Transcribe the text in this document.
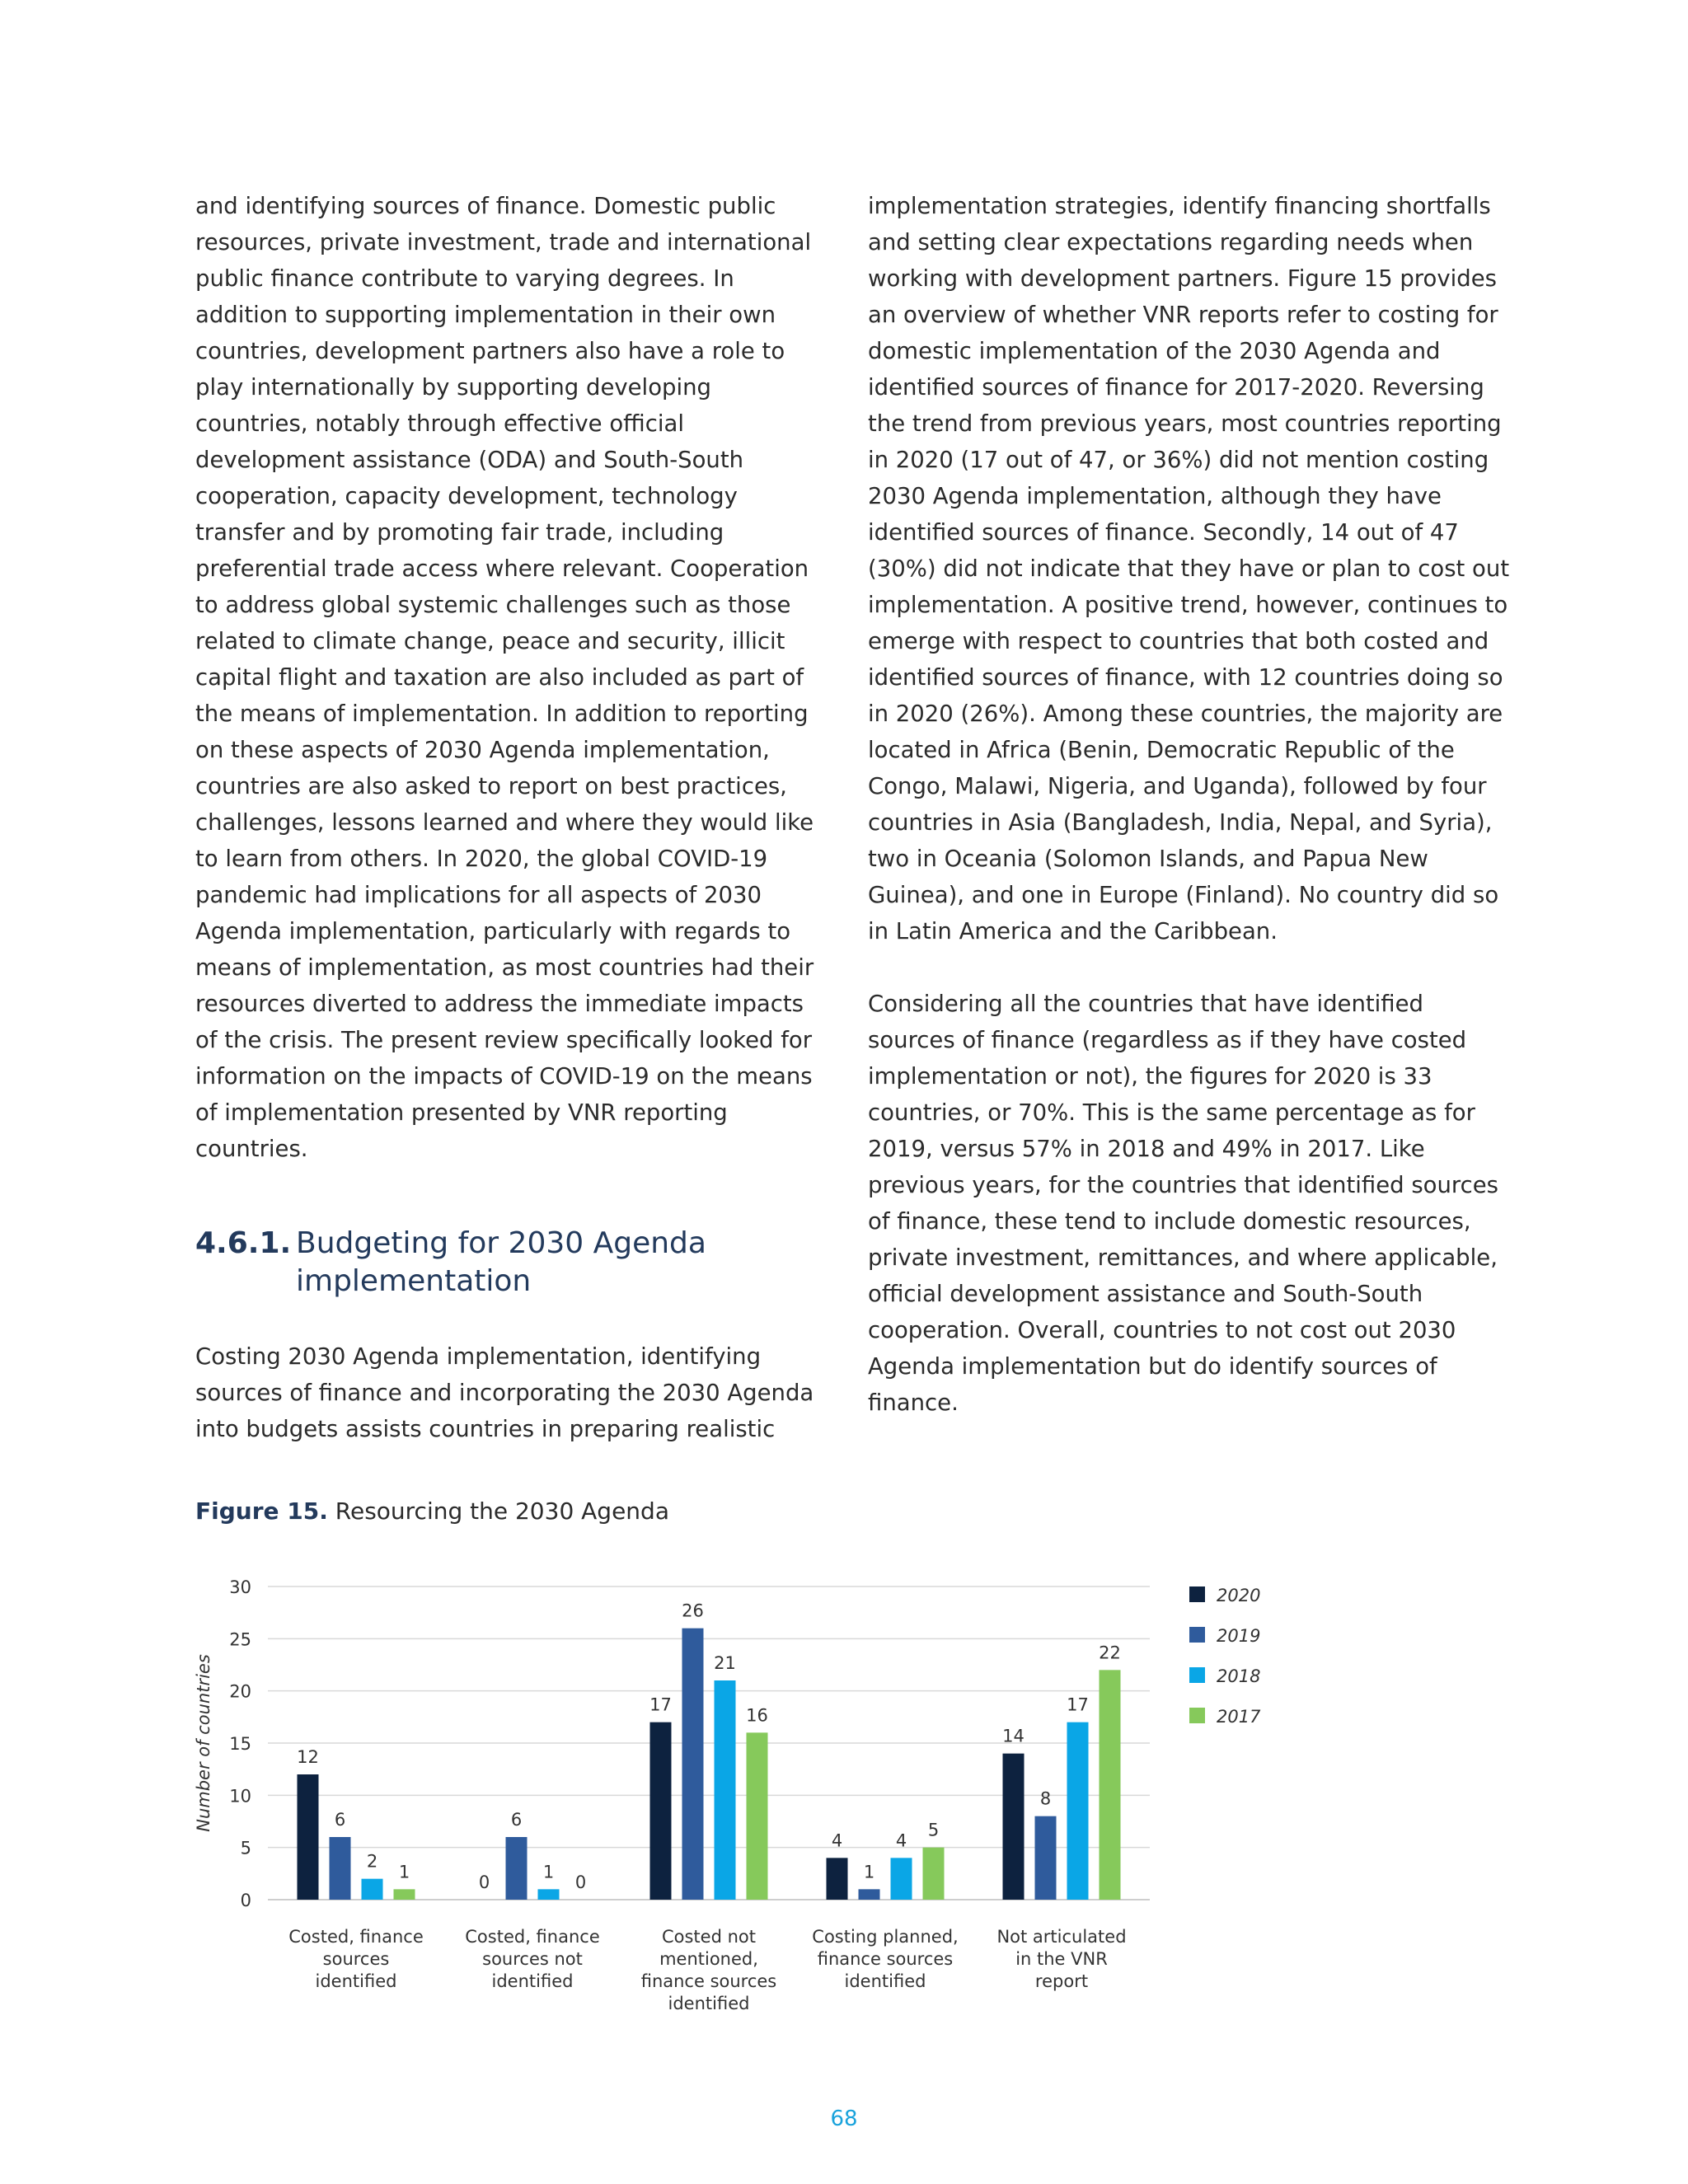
and identifying sources of finance. Domestic public resources, private investment, trade and international public finance contribute to varying degrees. In addition to supporting implementation in their own countries, development partners also have a role to play internationally by supporting developing countries, notably through effective official development assistance (ODA) and South-South cooperation, capacity development, technology transfer and by promoting fair trade, including preferential trade access where relevant. Cooperation to address global systemic challenges such as those related to climate change, peace and security, illicit capital flight and taxation are also included as part of the means of implementation. In addition to reporting on these aspects of 2030 Agenda implementation, countries are also asked to report on best practices, challenges, lessons learned and where they would like to learn from others. In 2020, the global COVID-19 pandemic had implications for all aspects of 2030 Agenda implementation, particularly with regards to means of implementation, as most countries had their resources diverted to address the immediate impacts of the crisis. The present review specifically looked for information on the impacts of COVID-19 on the means of implementation presented by VNR reporting countries.

4.6.1. Budgeting for 2030 Agenda implementation

Costing 2030 Agenda implementation, identifying sources of finance and incorporating the 2030 Agenda into budgets assists countries in preparing realistic

implementation strategies, identify financing shortfalls and setting clear expectations regarding needs when working with development partners. Figure 15 provides an overview of whether VNR reports refer to costing for domestic implementation of the 2030 Agenda and identified sources of finance for 2017-2020. Reversing the trend from previous years, most countries reporting in 2020 (17 out of 47, or 36%) did not mention costing 2030 Agenda implementation, although they have identified sources of finance. Secondly, 14 out of 47 (30%) did not indicate that they have or plan to cost out implementation. A positive trend, however, continues to emerge with respect to countries that both costed and identified sources of finance, with 12 countries doing so in 2020 (26%). Among these countries, the majority are located in Africa (Benin, Democratic Republic of the Congo, Malawi, Nigeria, and Uganda), followed by four countries in Asia (Bangladesh, India, Nepal, and Syria), two in Oceania (Solomon Islands, and Papua New Guinea), and one in Europe (Finland). No country did so in Latin America and the Caribbean.

Considering all the countries that have identified sources of finance (regardless as if they have costed implementation or not), the figures for 2020 is 33 countries, or 70%. This is the same percentage as for 2019, versus 57% in 2018 and 49% in 2017. Like previous years, for the countries that identified sources of finance, these tend to include domestic resources, private investment, remittances, and where applicable, official development assistance and South-South cooperation. Overall, countries to not cost out 2030 Agenda implementation but do identify sources of finance.

Figure 15. Resourcing the 2030 Agenda
0
5
10
15
20
25
30
Number of countries	12
6
2
1
Costed, finance
sources
identified
0
6
1
0
Costed, finance
sources not
identified
17
26
21
16
Costed not
mentioned,
finance sources
identified
4
1
4
5
Costing planned,
finance sources
identified
14
8
17
22
Not articulated
in the VNR
report
2020
2019
2018
2017
68
